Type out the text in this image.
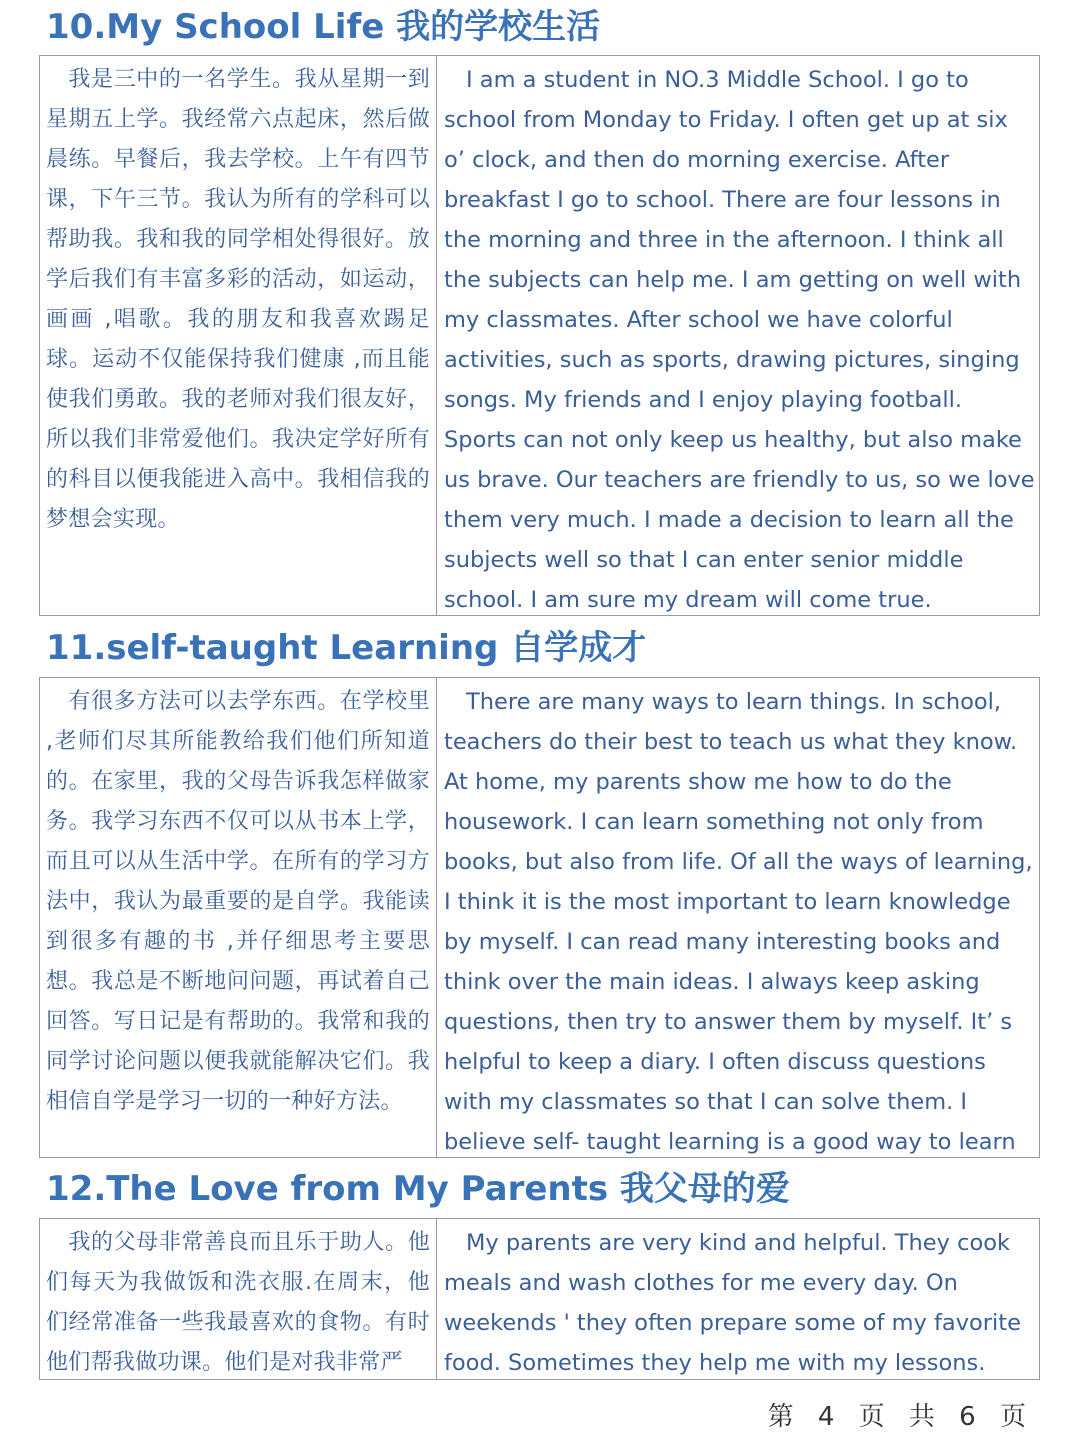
10.My School Life 我的学校生活
我是三中的一名学生。我从星期一到星期五上学。我经常六点起床，然后做晨练。早餐后，我去学校。上午有四节课，下午三节。我认为所有的学科可以帮助我。我和我的同学相处得很好。放学后我们有丰富多彩的活动，如运动，画画 ,唱歌。我的朋友和我喜欢踢足球。运动不仅能保持我们健康 ,而且能使我们勇敢。我的老师对我们很友好，所以我们非常爱他们。我决定学好所有的科目以便我能进入高中。我相信我的梦想会实现。
I am a student in NO.3 Middle School. I go to school from Monday to Friday. I often get up at six o’ clock, and then do morning exercise. After breakfast I go to school. There are four lessons in the morning and three in the afternoon. I think all the subjects can help me. I am getting on well with my classmates. After school we have colorful activities, such as sports, drawing pictures, singing songs. My friends and I enjoy playing football. Sports can not only keep us healthy, but also make us brave. Our teachers are friendly to us, so we love them very much. I made a decision to learn all the subjects well so that I can enter senior middle school. I am sure my dream will come true.
11.self-taught Learning 自学成才
有很多方法可以去学东西。在学校里 ,老师们尽其所能教给我们他们所知道的。在家里，我的父母告诉我怎样做家务。我学习东西不仅可以从书本上学，而且可以从生活中学。在所有的学习方法中，我认为最重要的是自学。我能读到很多有趣的书 ,并仔细思考主要思想。我总是不断地问问题，再试着自己回答。写日记是有帮助的。我常和我的同学讨论问题以便我就能解决它们。我相信自学是学习一切的一种好方法。
There are many ways to learn things. In school, teachers do their best to teach us what they know. At home, my parents show me how to do the housework. I can learn something not only from books, but also from life. Of all the ways of learning, I think it is the most important to learn knowledge by myself. I can read many interesting books and think over the main ideas. I always keep asking questions, then try to answer them by myself. It’ s helpful to keep a diary. I often discuss questions with my classmates so that I can solve them. I believe self- taught learning is a good way to learn
12.The Love from My Parents 我父母的爱
我的父母非常善良而且乐于助人。他们每天为我做饭和洗衣服.在周末，他们经常准备一些我最喜欢的食物。有时他们帮我做功课。他们是对我非常严
My parents are very kind and helpful. They cook meals and wash clothes for me every day. On weekends ' they often prepare some of my favorite food. Sometimes they help me with my lessons.
第 4 页 共 6 页
